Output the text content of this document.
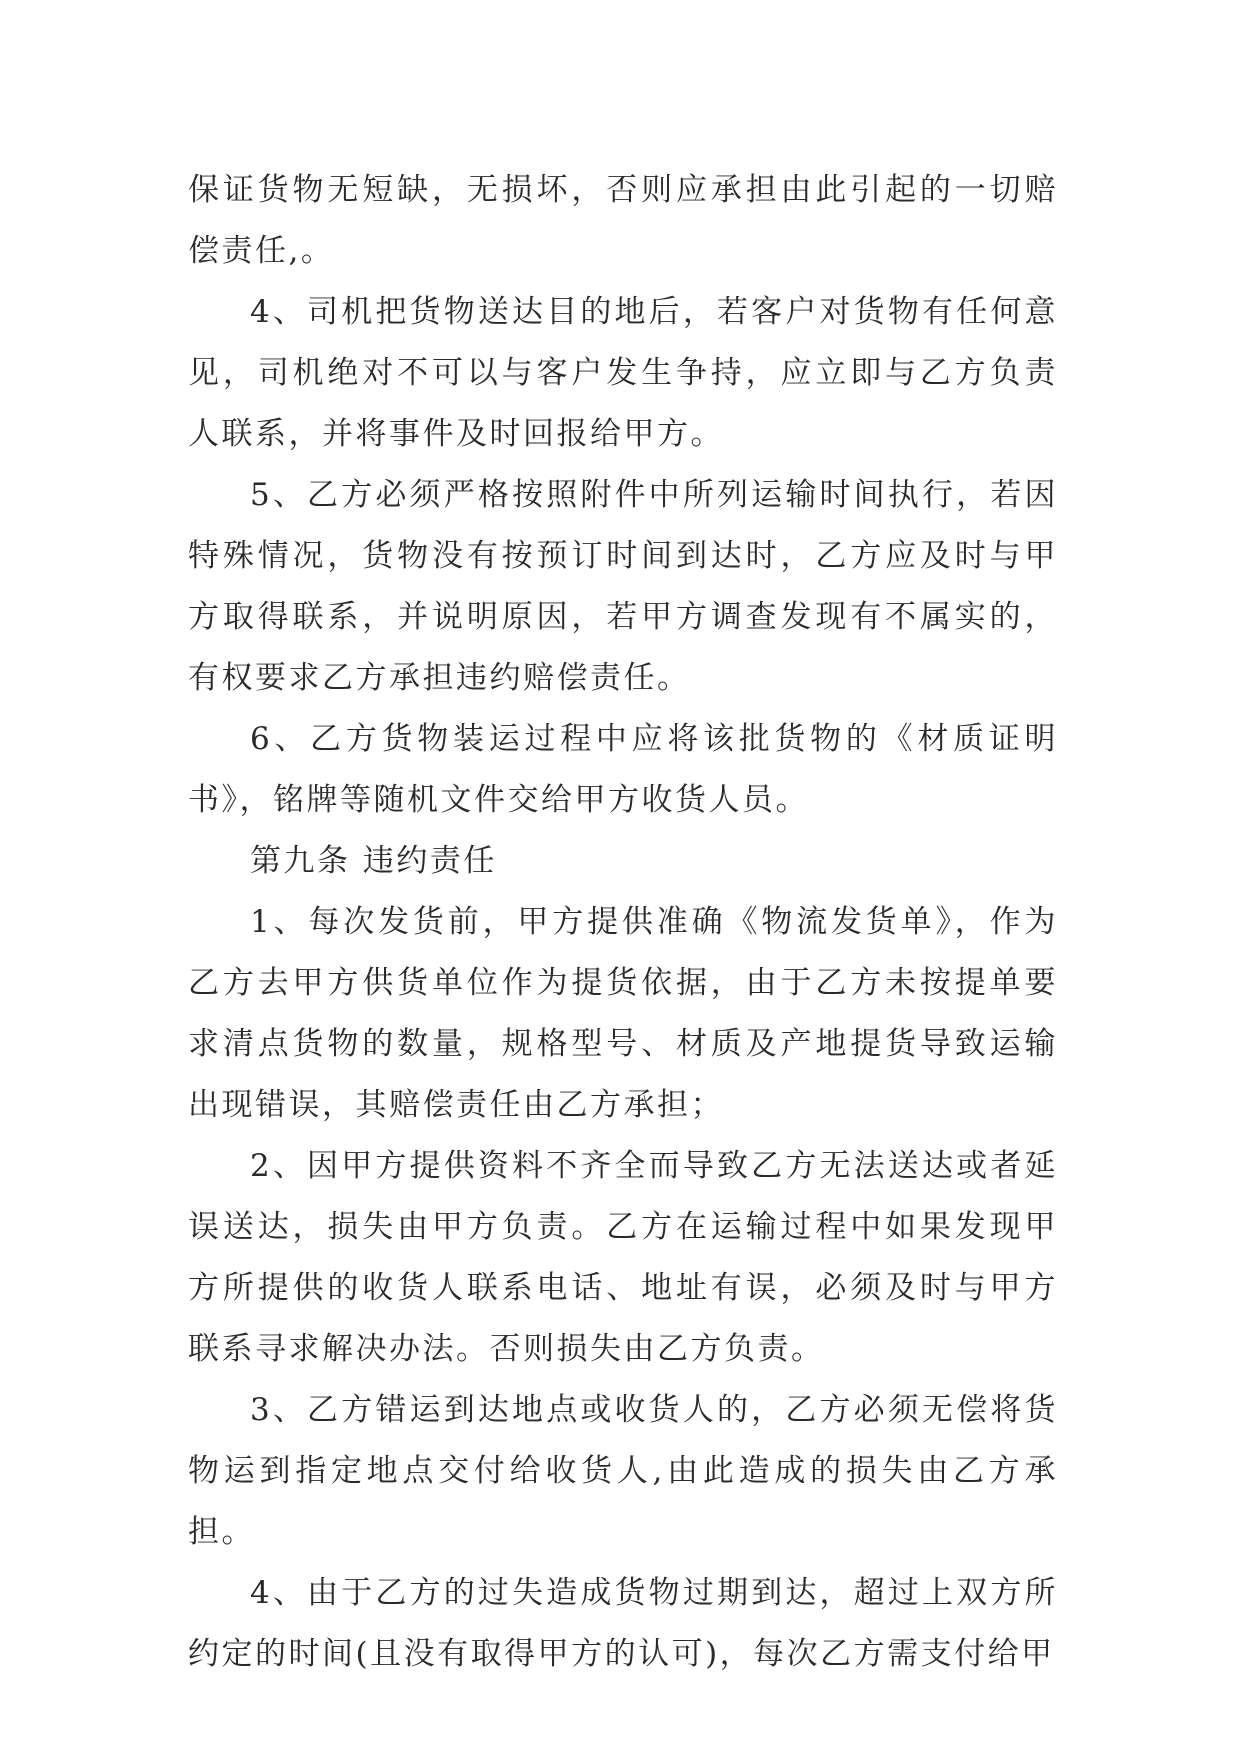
保证货物无短缺，无损坏，否则应承担由此引起的一切赔偿责任,。

4、司机把货物送达目的地后，若客户对货物有任何意见，司机绝对不可以与客户发生争持，应立即与乙方负责人联系，并将事件及时回报给甲方。

5、乙方必须严格按照附件中所列运输时间执行，若因特殊情况，货物没有按预订时间到达时，乙方应及时与甲方取得联系，并说明原因，若甲方调查发现有不属实的，有权要求乙方承担违约赔偿责任。

6、乙方货物装运过程中应将该批货物的《材质证明书》，铭牌等随机文件交给甲方收货人员。

第九条 违约责任

1、每次发货前，甲方提供准确《物流发货单》，作为乙方去甲方供货单位作为提货依据，由于乙方未按提单要求清点货物的数量，规格型号、材质及产地提货导致运输出现错误，其赔偿责任由乙方承担；

2、因甲方提供资料不齐全而导致乙方无法送达或者延误送达，损失由甲方负责。乙方在运输过程中如果发现甲方所提供的收货人联系电话、地址有误，必须及时与甲方联系寻求解决办法。否则损失由乙方负责。

3、乙方错运到达地点或收货人的，乙方必须无偿将货物运到指定地点交付给收货人,由此造成的损失由乙方承担。

4、由于乙方的过失造成货物过期到达，超过上双方所约定的时间(且没有取得甲方的认可)，每次乙方需支付给甲
